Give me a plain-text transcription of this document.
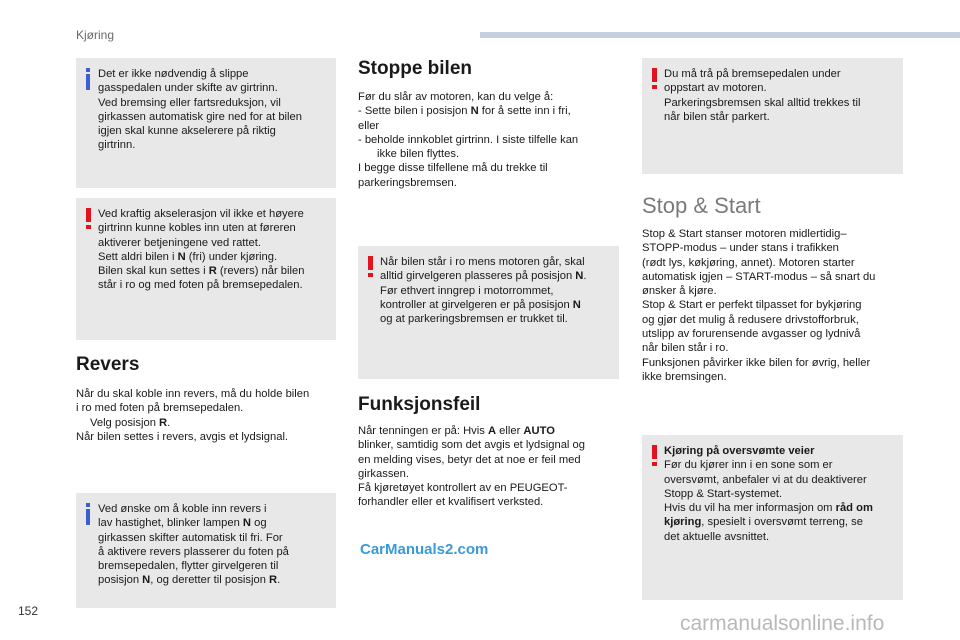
Kjøring
Det er ikke nødvendig å slippe
gasspedalen under skifte av girtrinn.
Ved bremsing eller fartsreduksjon, vil
girkassen automatisk gire ned for at bilen
igjen skal kunne akselerere på riktig
girtrinn.
Ved kraftig akselerasjon vil ikke et høyere
girtrinn kunne kobles inn uten at føreren
aktiverer betjeningene ved rattet.
Sett aldri bilen i N (fri) under kjøring.
Bilen skal kun settes i R (revers) når bilen
står i ro og med foten på bremsepedalen.
Revers
Når du skal koble inn revers, må du holde bilen
i ro med foten på bremsepedalen.
Velg posisjon R.
Når bilen settes i revers, avgis et lydsignal.
Ved ønske om å koble inn revers i
lav hastighet, blinker lampen N og
girkassen skifter automatisk til fri. For
å aktivere revers plasserer du foten på
bremsepedalen, flytter girvelgeren til
posisjon N, og deretter til posisjon R.
Stoppe bilen
Før du slår av motoren, kan du velge å:
- Sette bilen i posisjon N for å sette inn i fri,
eller
- beholde innkoblet girtrinn. I siste tilfelle kan
ikke bilen flyttes.
I begge disse tilfellene må du trekke til
parkeringsbremsen.
Når bilen står i ro mens motoren går, skal
alltid girvelgeren plasseres på posisjon N.
Før ethvert inngrep i motorrommet,
kontroller at girvelgeren er på posisjon N
og at parkeringsbremsen er trukket til.
Funksjonsfeil
Når tenningen er på: Hvis A eller AUTO
blinker, samtidig som det avgis et lydsignal og
en melding vises, betyr det at noe er feil med
girkassen.
Få kjøretøyet kontrollert av en PEUGEOT-
forhandler eller et kvalifisert verksted.
Du må trå på bremsepedalen under
oppstart av motoren.
Parkeringsbremsen skal alltid trekkes til
når bilen står parkert.
Stop & Start
Stop & Start stanser motoren midlertidig–
STOPP-modus – under stans i trafikken
(rødt lys, køkjøring, annet). Motoren starter
automatisk igjen – START-modus – så snart du
ønsker å kjøre.
Stop & Start er perfekt tilpasset for bykjøring
og gjør det mulig å redusere drivstofforbruk,
utslipp av forurensende avgasser og lydnivå
når bilen står i ro.
Funksjonen påvirker ikke bilen for øvrig, heller
ikke bremsingen.
Kjøring på oversvømte veier
Før du kjører inn i en sone som er
oversvømt, anbefaler vi at du deaktiverer
Stopp & Start-systemet.
Hvis du vil ha mer informasjon om råd om
kjøring, spesielt i oversvømt terreng, se
det aktuelle avsnittet.
152
CarManuals2.com
carmanualsonline.info
